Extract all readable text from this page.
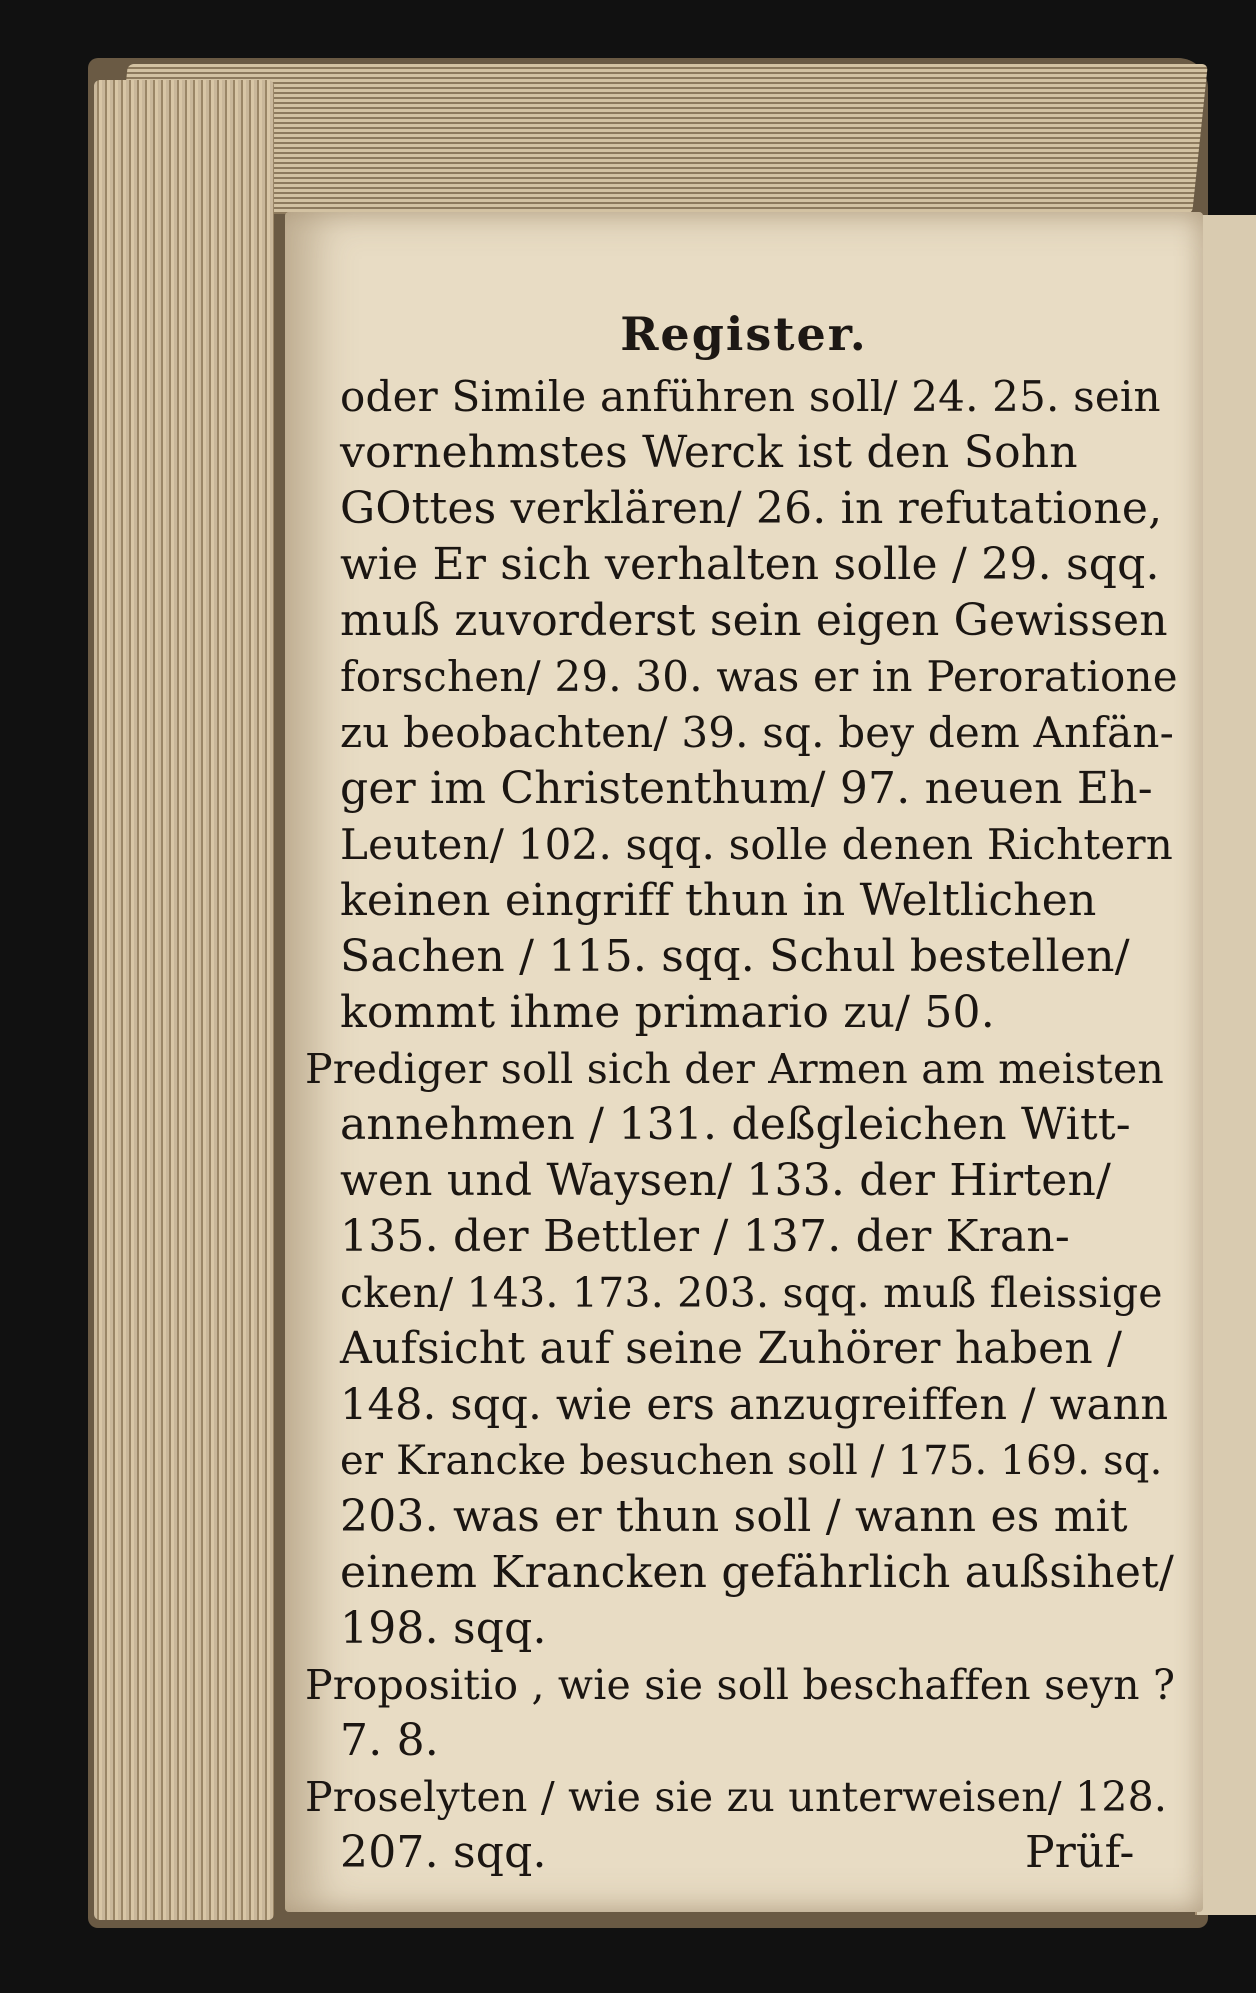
Register.
oder Simile anführen soll/ 24. 25. sein
vornehmstes Werck ist den Sohn
GOttes verklären/ 26. in refutatione,
wie Er sich verhalten solle / 29. sqq.
muß zuvorderst sein eigen Gewissen
forschen/ 29. 30. was er in Peroratione
zu beobachten/ 39. sq. bey dem Anfän-
ger im Christenthum/ 97. neuen Eh-
Leuten/ 102. sqq. solle denen Richtern
keinen eingriff thun in Weltlichen
Sachen / 115. sqq. Schul bestellen/
kommt ihme primario zu/ 50.
Prediger soll sich der Armen am meisten
annehmen / 131. deßgleichen Witt-
wen und Waysen/ 133. der Hirten/
135. der Bettler / 137. der Kran-
cken/ 143. 173. 203. sqq. muß fleissige
Aufsicht auf seine Zuhörer haben /
148. sqq. wie ers anzugreiffen / wann
er Krancke besuchen soll / 175. 169. sq.
203. was er thun soll / wann es mit
einem Krancken gefährlich außsihet/
198. sqq.
Propositio , wie sie soll beschaffen seyn ?
7. 8.
Proselyten / wie sie zu unterweisen/ 128.
207. sqq.	Prüf-
